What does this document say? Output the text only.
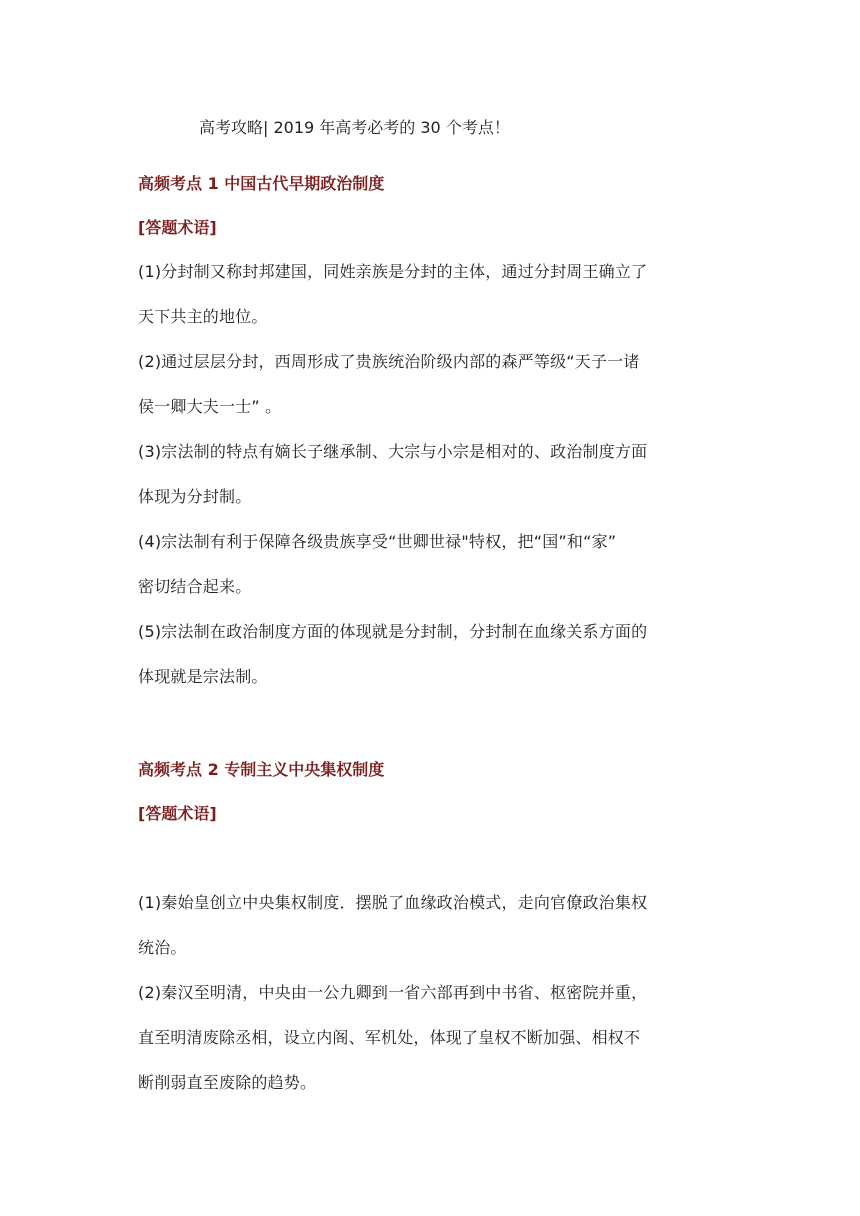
高考攻略| 2019 年高考必考的 30 个考点！
高频考点 1 中国古代早期政治制度
[答题术语]
(1)分封制又称封邦建国，同姓亲族是分封的主体，通过分封周王确立了
天下共主的地位。
(2)通过层层分封，西周形成了贵族统治阶级内部的森严等级“天子一诸
侯一卿大夫一士” 。
(3)宗法制的特点有嫡长子继承制、大宗与小宗是相对的、政治制度方面
体现为分封制。
(4)宗法制有利于保障各级贵族享受“世卿世禄"特权，把“国”和“家”
密切结合起来。
(5)宗法制在政治制度方面的体现就是分封制，分封制在血缘关系方面的
体现就是宗法制。
高频考点 2 专制主义中央集权制度
[答题术语]
(1)秦始皇创立中央集权制度．摆脱了血缘政治模式，走向官僚政治集权
统治。
(2)秦汉至明清，中央由一公九卿到一省六部再到中书省、枢密院并重，
直至明清废除丞相，设立内阁、军机处，体现了皇权不断加强、相权不
断削弱直至废除的趋势。
